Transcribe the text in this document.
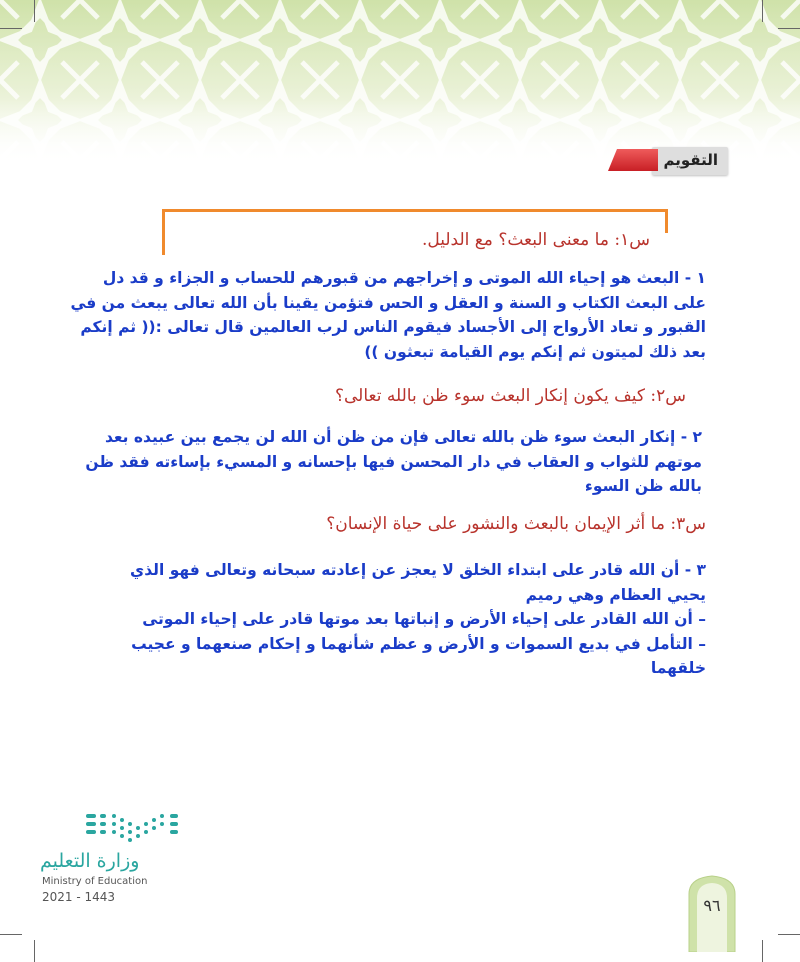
التقويم
س١: ما معنى البعث؟ مع الدليل.
١ - البعث هو إحياء الله الموتى و إخراجهم من قبورهم للحساب و الجزاء و قد دل
على البعث الكتاب و السنة و العقل و الحس فتؤمن يقينا بأن الله تعالى يبعث من في
القبور و تعاد الأرواح إلى الأجساد فيقوم الناس لرب العالمين قال تعالى :(( ثم إنكم
بعد ذلك لميتون ثم إنكم يوم القيامة تبعثون ))
س٢: كيف يكون إنكار البعث سوء ظن بالله تعالى؟
٢ - إنكار البعث سوء ظن بالله تعالى فإن من ظن أن الله لن يجمع بين عبيده بعد
موتهم للثواب و العقاب في دار المحسن فيها بإحسانه و المسيء بإساءته فقد ظن
بالله ظن السوء
س٣: ما أثر الإيمان بالبعث والنشور على حياة الإنسان؟
٣ - أن الله قادر على ابتداء الخلق لا يعجز عن إعادته سبحانه وتعالى فهو الذي
يحيي العظام وهي رميم
– أن الله القادر على إحياء الأرض و إنباتها بعد موتها قادر على إحياء الموتى
– التأمل في بديع السموات و الأرض و عظم شأنهما و إحكام صنعهما و عجيب
خلقهما
وزارة التعليم
Ministry of Education
2021 - 1443	٩٦
